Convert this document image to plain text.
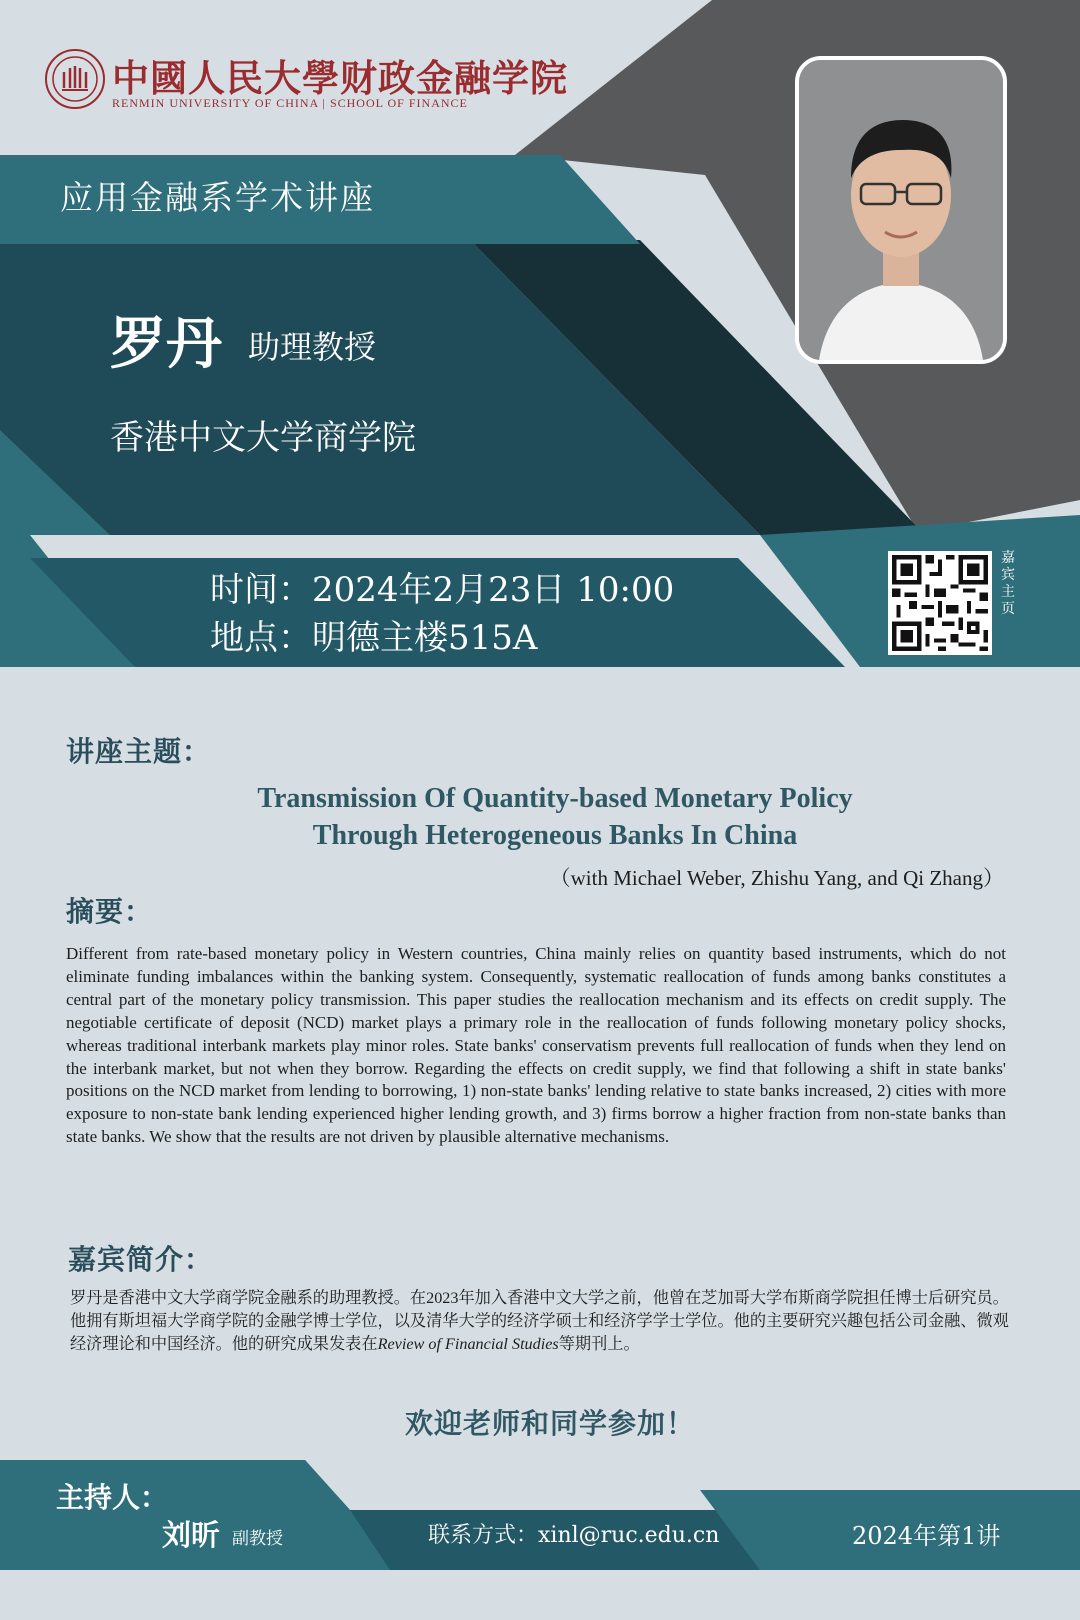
中國人民大學财政金融学院
RENMIN UNIVERSITY OF CHINA | SCHOOL OF FINANCE
应用金融系学术讲座
罗丹 助理教授
香港中文大学商学院
时间：2024年2月23日 10:00
地点：明德主楼515A
嘉宾主页
讲座主题：
Transmission Of Quantity-based Monetary Policy
Through Heterogeneous Banks In China
（with Michael Weber, Zhishu Yang, and Qi Zhang）
摘要：
Different from rate-based monetary policy in Western countries, China mainly relies on quantity based instruments, which do not eliminate funding imbalances within the banking system. Consequently, systematic reallocation of funds among banks constitutes a central part of the monetary policy transmission. This paper studies the reallocation mechanism and its effects on credit supply. The negotiable certificate of deposit (NCD) market plays a primary role in the reallocation of funds following monetary policy shocks, whereas traditional interbank markets play minor roles. State banks' conservatism prevents full reallocation of funds when they lend on the interbank market, but not when they borrow. Regarding the effects on credit supply, we find that following a shift in state banks' positions on the NCD market from lending to borrowing, 1) non-state banks' lending relative to state banks increased, 2) cities with more exposure to non-state bank lending experienced higher lending growth, and 3) firms borrow a higher fraction from non-state banks than state banks. We show that the results are not driven by plausible alternative mechanisms.
嘉宾简介：
罗丹是香港中文大学商学院金融系的助理教授。在2023年加入香港中文大学之前，他曾在芝加哥大学布斯商学院担任博士后研究员。他拥有斯坦福大学商学院的金融学博士学位，以及清华大学的经济学硕士和经济学学士学位。他的主要研究兴趣包括公司金融、微观经济理论和中国经济。他的研究成果发表在Review of Financial Studies等期刊上。
欢迎老师和同学参加！
主持人：
刘昕 副教授	联系方式：xinl@ruc.edu.cn	2024年第1讲
